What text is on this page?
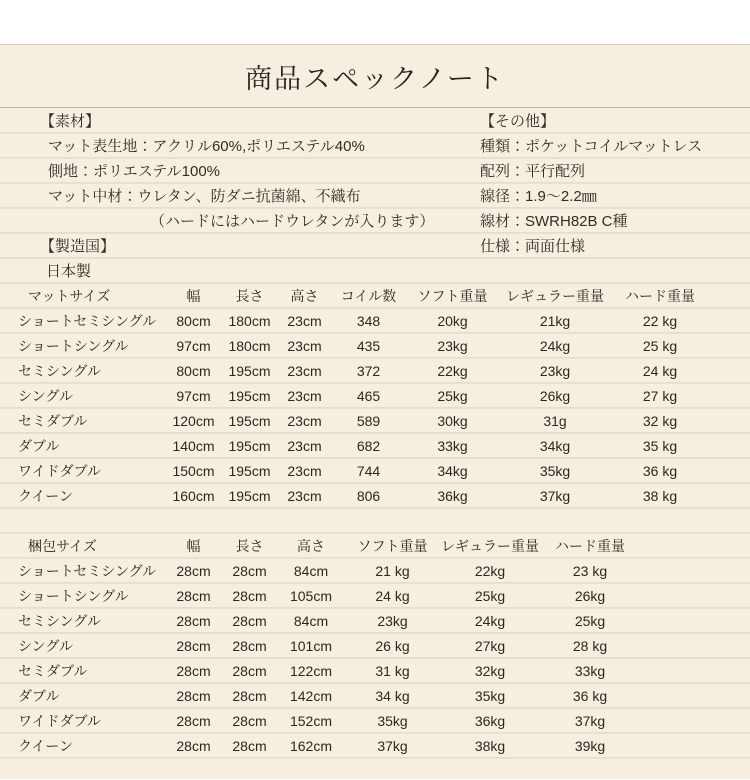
商品スペックノート
【素材】
マット表生地：アクリル60%,ポリエステル40%
側地：ポリエステル100%
マット中材：ウレタン、防ダニ抗菌綿、不織布
（ハードにはハードウレタンが入ります）
【製造国】
日本製
【その他】
種類：ポケットコイルマットレス
配列：平行配列
線径：1.9〜2.2㎜
線材：SWRH82B C種
仕様：両面仕様
マットサイズ	幅	長さ	高さ	コイル数	ソフト重量	レギュラー重量	ハード重量
ショートセミシングル	80cm	180cm	23cm	348	20kg	21kg	22 kg
ショートシングル	97cm	180cm	23cm	435	23kg	24kg	25 kg
セミシングル	80cm	195cm	23cm	372	22kg	23kg	24 kg
シングル	97cm	195cm	23cm	465	25kg	26kg	27 kg
セミダブル	120cm	195cm	23cm	589	30kg	31g	32 kg
ダブル	140cm	195cm	23cm	682	33kg	34kg	35 kg
ワイドダブル	150cm	195cm	23cm	744	34kg	35kg	36 kg
クイーン	160cm	195cm	23cm	806	36kg	37kg	38 kg
梱包サイズ	幅	長さ	高さ	ソフト重量	レギュラー重量	ハード重量
ショートセミシングル	28cm	28cm	84cm	21 kg	22kg	23 kg
ショートシングル	28cm	28cm	105cm	24 kg	25kg	26kg
セミシングル	28cm	28cm	84cm	23kg	24kg	25kg
シングル	28cm	28cm	101cm	26 kg	27kg	28 kg
セミダブル	28cm	28cm	122cm	31 kg	32kg	33kg
ダブル	28cm	28cm	142cm	34 kg	35kg	36 kg
ワイドダブル	28cm	28cm	152cm	35kg	36kg	37kg
クイーン	28cm	28cm	162cm	37kg	38kg	39kg
